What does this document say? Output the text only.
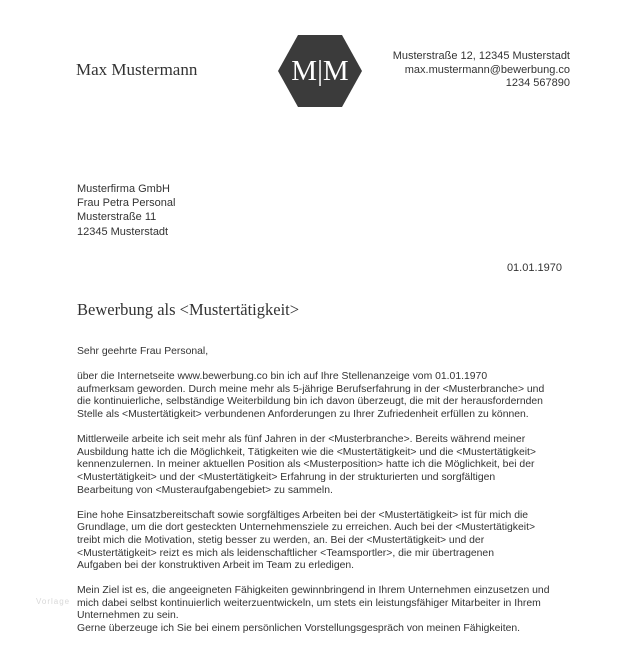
Max Mustermann	M|M	Musterstraße 12, 12345 Musterstadt
max.mustermann@bewerbung.co
1234 567890
Musterfirma GmbH
Frau Petra Personal
Musterstraße 11
12345 Musterstadt
01.01.1970
Bewerbung als <Mustertätigkeit>

Sehr geehrte Frau Personal,

über die Internetseite www.bewerbung.co bin ich auf Ihre Stellenanzeige vom 01.01.1970
aufmerksam geworden. Durch meine mehr als 5-jährige Berufserfahrung in der <Musterbranche> und
die kontinuierliche, selbständige Weiterbildung bin ich davon überzeugt, die mit der herausfordernden
Stelle als <Mustertätigkeit> verbundenen Anforderungen zu Ihrer Zufriedenheit erfüllen zu können.

Mittlerweile arbeite ich seit mehr als fünf Jahren in der <Musterbranche>. Bereits während meiner
Ausbildung hatte ich die Möglichkeit, Tätigkeiten wie die <Mustertätigkeit> und die <Mustertätigkeit>
kennenzulernen. In meiner aktuellen Position als <Musterposition> hatte ich die Möglichkeit, bei der
<Mustertätigkeit> und der <Mustertätigkeit> Erfahrung in der strukturierten und sorgfältigen
Bearbeitung von <Musteraufgabengebiet> zu sammeln.

Eine hohe Einsatzbereitschaft sowie sorgfältiges Arbeiten bei der <Mustertätigkeit> ist für mich die
Grundlage, um die dort gesteckten Unternehmensziele zu erreichen. Auch bei der <Mustertätigkeit>
treibt mich die Motivation, stetig besser zu werden, an. Bei der <Mustertätigkeit> und der
<Mustertätigkeit> reizt es mich als leidenschaftlicher <Teamsportler>, die mir übertragenen
Aufgaben bei der konstruktiven Arbeit im Team zu erledigen.

Mein Ziel ist es, die angeeigneten Fähigkeiten gewinnbringend in Ihrem Unternehmen einzusetzen und
mich dabei selbst kontinuierlich weiterzuentwickeln, um stets ein leistungsfähiger Mitarbeiter in Ihrem
Unternehmen zu sein.
Gerne überzeuge ich Sie bei einem persönlichen Vorstellungsgespräch von meinen Fähigkeiten.

Vorlage
